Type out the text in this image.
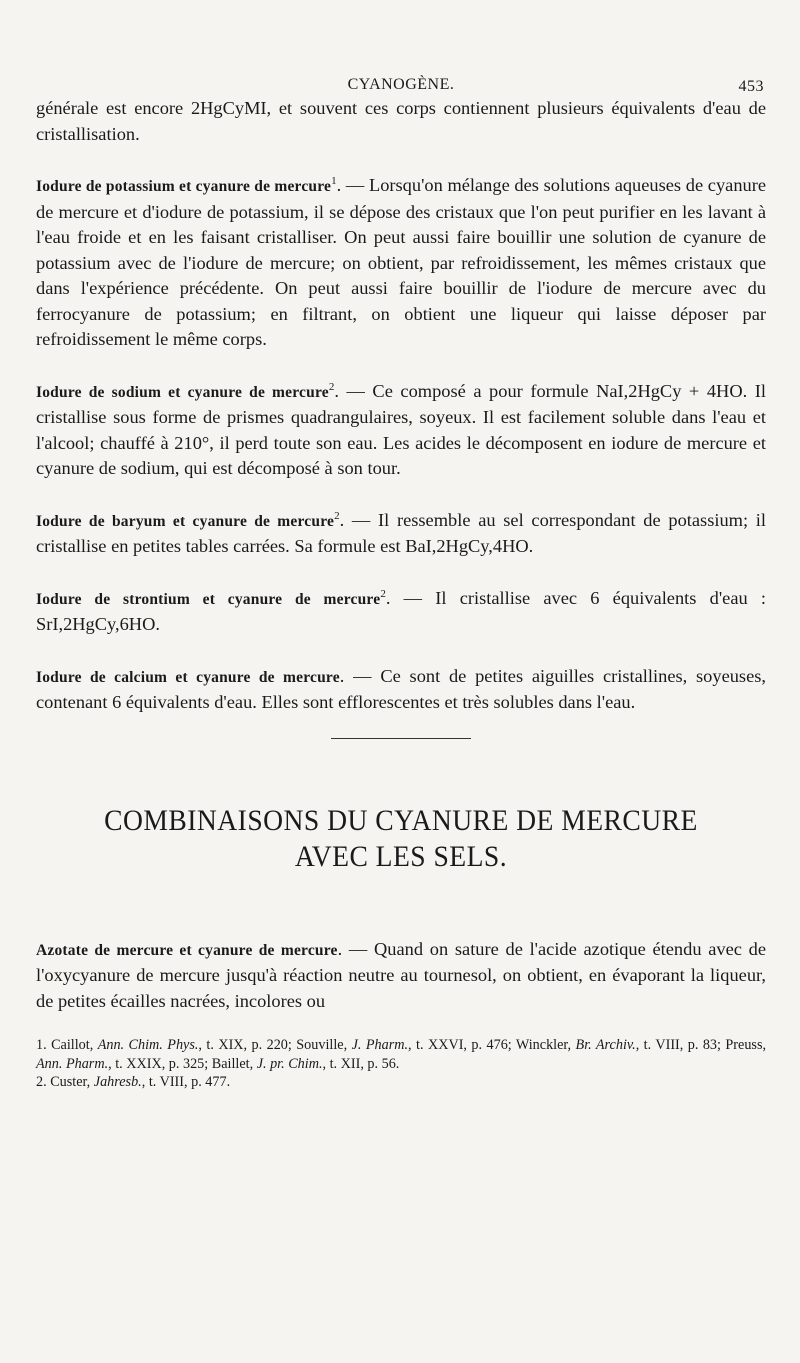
CYANOGÈNE.	453

générale est encore 2HgCyMI, et souvent ces corps contiennent plusieurs équivalents d'eau de cristallisation.

Iodure de potassium et cyanure de mercure$^1$. — Lorsqu'on mélange des solutions aqueuses de cyanure de mercure et d'iodure de potassium, il se dépose des cristaux que l'on peut purifier en les lavant à l'eau froide et en les faisant cristalliser. On peut aussi faire bouillir une solution de cyanure de potassium avec de l'iodure de mercure; on obtient, par refroidissement, les mêmes cristaux que dans l'expérience précédente. On peut aussi faire bouillir de l'iodure de mercure avec du ferrocyanure de potassium; en filtrant, on obtient une liqueur qui laisse déposer par refroidissement le même corps.

Iodure de sodium et cyanure de mercure$^2$. — Ce composé a pour formule NaI,2HgCy + 4HO. Il cristallise sous forme de prismes quadrangulaires, soyeux. Il est facilement soluble dans l'eau et l'alcool; chauffé à 210°, il perd toute son eau. Les acides le décomposent en iodure de mercure et cyanure de sodium, qui est décomposé à son tour.

Iodure de baryum et cyanure de mercure$^2$. — Il ressemble au sel correspondant de potassium; il cristallise en petites tables carrées. Sa formule est BaI,2HgCy,4HO.

Iodure de strontium et cyanure de mercure$^2$. — Il cristallise avec 6 équivalents d'eau : SrI,2HgCy,6HO.

Iodure de calcium et cyanure de mercure. — Ce sont de petites aiguilles cristallines, soyeuses, contenant 6 équivalents d'eau. Elles sont efflorescentes et très solubles dans l'eau.

COMBINAISONS DU CYANURE DE MERCURE
AVEC LES SELS.

Azotate de mercure et cyanure de mercure. — Quand on sature de l'acide azotique étendu avec de l'oxycyanure de mercure jusqu'à réaction neutre au tournesol, on obtient, en évaporant la liqueur, de petites écailles nacrées, incolores ou

1. Caillot, Ann. Chim. Phys., t. XIX, p. 220; Souville, J. Pharm., t. XXVI, p. 476; Winckler, Br. Archiv., t. VIII, p. 83; Preuss, Ann. Pharm., t. XXIX, p. 325; Baillet, J. pr. Chim., t. XII, p. 56.
2. Custer, Jahresb., t. VIII, p. 477.
